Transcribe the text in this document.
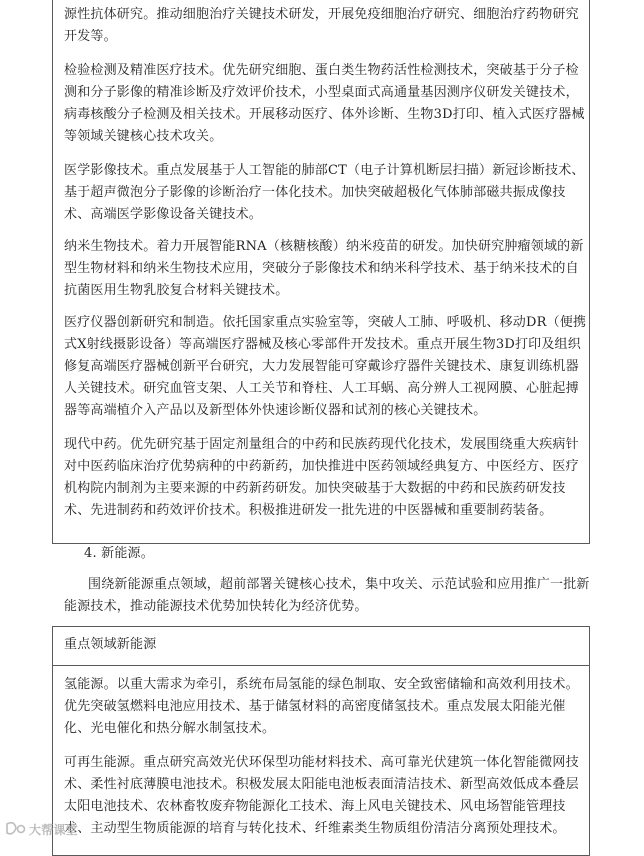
源性抗体研究。推动细胞治疗关键技术研发，开展免疫细胞治疗研究、细胞治疗药物研究开发等。

检验检测及精准医疗技术。优先研究细胞、蛋白类生物药活性检测技术，突破基于分子检测和分子影像的精准诊断及疗效评价技术，小型桌面式高通量基因测序仪研发关键技术，病毒核酸分子检测及相关技术。开展移动医疗、体外诊断、生物3D打印、植入式医疗器械等领域关键核心技术攻关。

医学影像技术。重点发展基于人工智能的肺部CT（电子计算机断层扫描）新冠诊断技术、基于超声微泡分子影像的诊断治疗一体化技术。加快突破超极化气体肺部磁共振成像技术、高端医学影像设备关键技术。

纳米生物技术。着力开展智能RNA（核糖核酸）纳米疫苗的研发。加快研究肿瘤领域的新型生物材料和纳米生物技术应用，突破分子影像技术和纳米科学技术、基于纳米技术的自抗菌医用生物乳胶复合材料关键技术。

医疗仪器创新研究和制造。依托国家重点实验室等，突破人工肺、呼吸机、移动DR（便携式X射线摄影设备）等高端医疗器械及核心零部件开发技术。重点开展生物3D打印及组织修复高端医疗器械创新平台研究，大力发展智能可穿戴诊疗器件关键技术、康复训练机器人关键技术。研究血管支架、人工关节和脊柱、人工耳蜗、高分辨人工视网膜、心脏起搏器等高端植介入产品以及新型体外快速诊断仪器和试剂的核心关键技术。

现代中药。优先研究基于固定剂量组合的中药和民族药现代化技术，发展围绕重大疾病针对中医药临床治疗优势病种的中药新药，加快推进中医药领域经典复方、中医经方、医疗机构院内制剂为主要来源的中药新药研发。加快突破基于大数据的中药和民族药研发技术、先进制药和药效评价技术。积极推进研发一批先进的中医器械和重要制药装备。

4. 新能源。

围绕新能源重点领域，超前部署关键核心技术，集中攻关、示范试验和应用推广一批新能源技术，推动能源技术优势加快转化为经济优势。

重点领域新能源

氢能源。以重大需求为牵引，系统布局氢能的绿色制取、安全致密储输和高效利用技术。优先突破氢燃料电池应用技术、基于储氢材料的高密度储氢技术。重点发展太阳能光催化、光电催化和热分解水制氢技术。

可再生能源。重点研究高效光伏环保型功能材料技术、高可靠光伏建筑一体化智能微网技术、柔性衬底薄膜电池技术。积极发展太阳能电池板表面清洁技术、新型高效低成本叠层太阳电池技术、农林畜牧废弃物能源化工技术、海上风电关键技术、风电场智能管理技术、主动型生物质能源的培育与转化技术、纤维素类生物质组份清洁分离预处理技术。

大帮课堂
